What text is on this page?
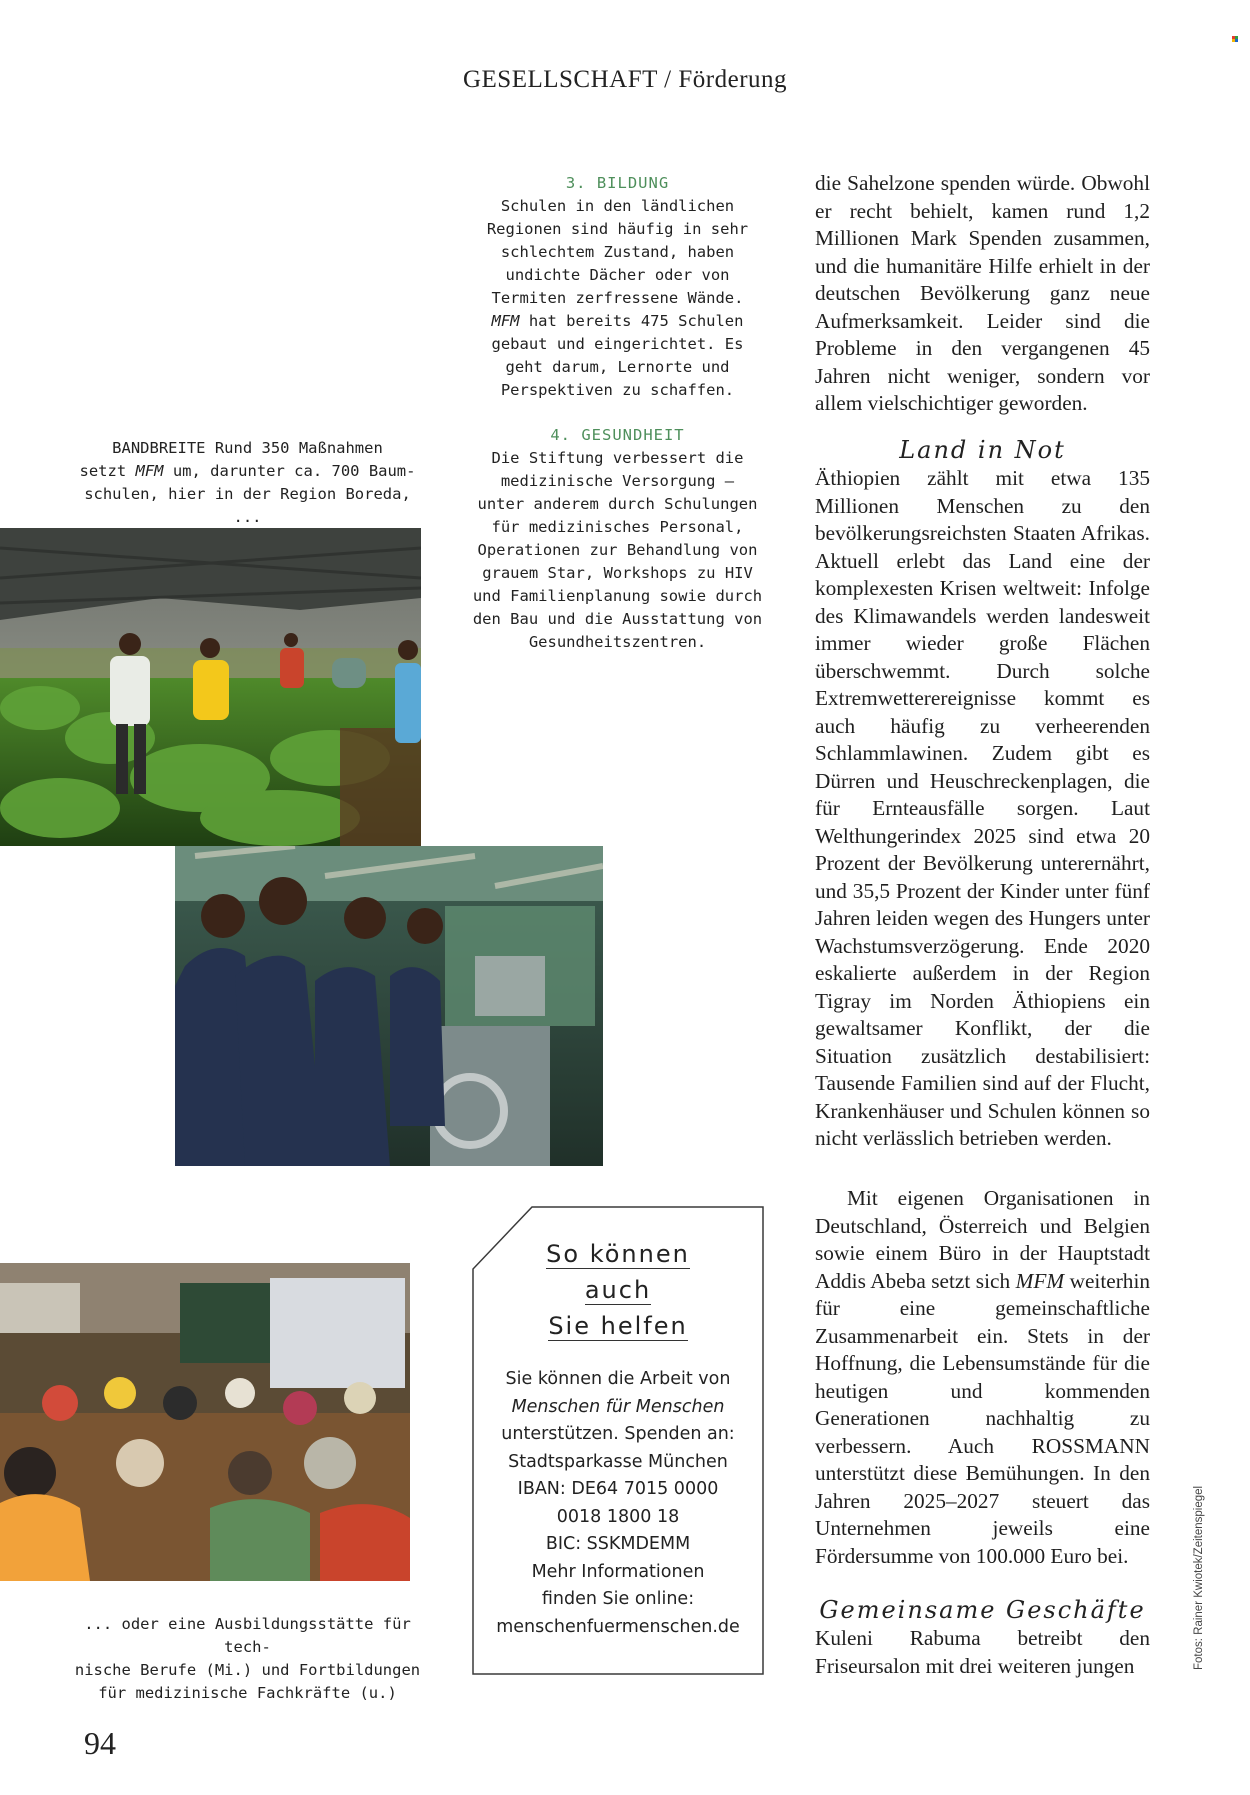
GESELLSCHAFT / Förderung
3. BILDUNG
Schulen in den ländlichen
Regionen sind häufig in sehr
schlechtem Zustand, haben
undichte Dächer oder von
Termiten zerfressene Wände.
MFM hat bereits 475 Schulen
gebaut und eingerichtet. Es
geht darum, Lernorte und
Perspektiven zu schaffen.
4. GESUNDHEIT
Die Stiftung verbessert die
medizinische Versorgung –
unter anderem durch Schulungen
für medizinisches Personal,
Operationen zur Behandlung von
grauem Star, Workshops zu HIV
und Familienplanung sowie durch
den Bau und die Ausstattung von
Gesundheitszentren.
BANDBREITE Rund 350 Maßnahmen
setzt MFM um, darunter ca. 700 Baum-
schulen, hier in der Region Boreda, ...
... oder eine Ausbildungsstätte für tech-
nische Berufe (Mi.) und Fortbildungen
für medizinische Fachkräfte (u.)
So können
auch
Sie helfen
Sie können die Arbeit von
Menschen für Menschen
unterstützen. Spenden an:
Stadtsparkasse München
IBAN: DE64 7015 0000
0018 1800 18
BIC: SSKMDEMM
Mehr Informationen
finden Sie online:
menschenfuermenschen.de

die Sahelzone spenden würde. Obwohl er recht behielt, kamen rund 1,2 Millionen Mark Spenden zusammen, und die humanitäre Hilfe erhielt in der deutschen Bevölkerung ganz neue Aufmerksamkeit. Leider sind die Probleme in den vergangenen 45 Jahren nicht weniger, sondern vor allem vielschichtiger geworden.

Land in Not

Äthiopien zählt mit etwa 135 Millionen Menschen zu den bevölkerungsreichsten Staaten Afrikas. Aktuell erlebt das Land eine der komplexesten Krisen weltweit: Infolge des Klimawandels werden landesweit immer wieder große Flächen überschwemmt. Durch solche Extremwetterereignisse kommt es auch häufig zu verheerenden Schlammlawinen. Zudem gibt es Dürren und Heuschreckenplagen, die für Ernteausfälle sorgen. Laut Welthungerindex 2025 sind etwa 20 Prozent der Bevölkerung unterernährt, und 35,5 Prozent der Kinder unter fünf Jahren leiden wegen des Hungers unter Wachstumsverzögerung. Ende 2020 eskalierte außerdem in der Region Tigray im Norden Äthiopiens ein gewaltsamer Konflikt, der die Situation zusätzlich destabilisiert: Tausende Familien sind auf der Flucht, Krankenhäuser und Schulen können so nicht verlässlich betrieben werden.

Mit eigenen Organisationen in Deutschland, Österreich und Belgien sowie einem Büro in der Hauptstadt Addis Abeba setzt sich MFM weiterhin für eine gemeinschaftliche Zusammenarbeit ein. Stets in der Hoffnung, die Lebensumstände für die heutigen und kommenden Generationen nachhaltig zu verbessern. Auch ROSSMANN unterstützt diese Bemühungen. In den Jahren 2025–2027 steuert das Unternehmen jeweils eine Fördersumme von 100.000 Euro bei.

Gemeinsame Geschäfte

Kuleni Rabuma betreibt den Friseursalon mit drei weiteren jungen	Fotos: Rainer Kwiotek/Zeitenspiegel
94
